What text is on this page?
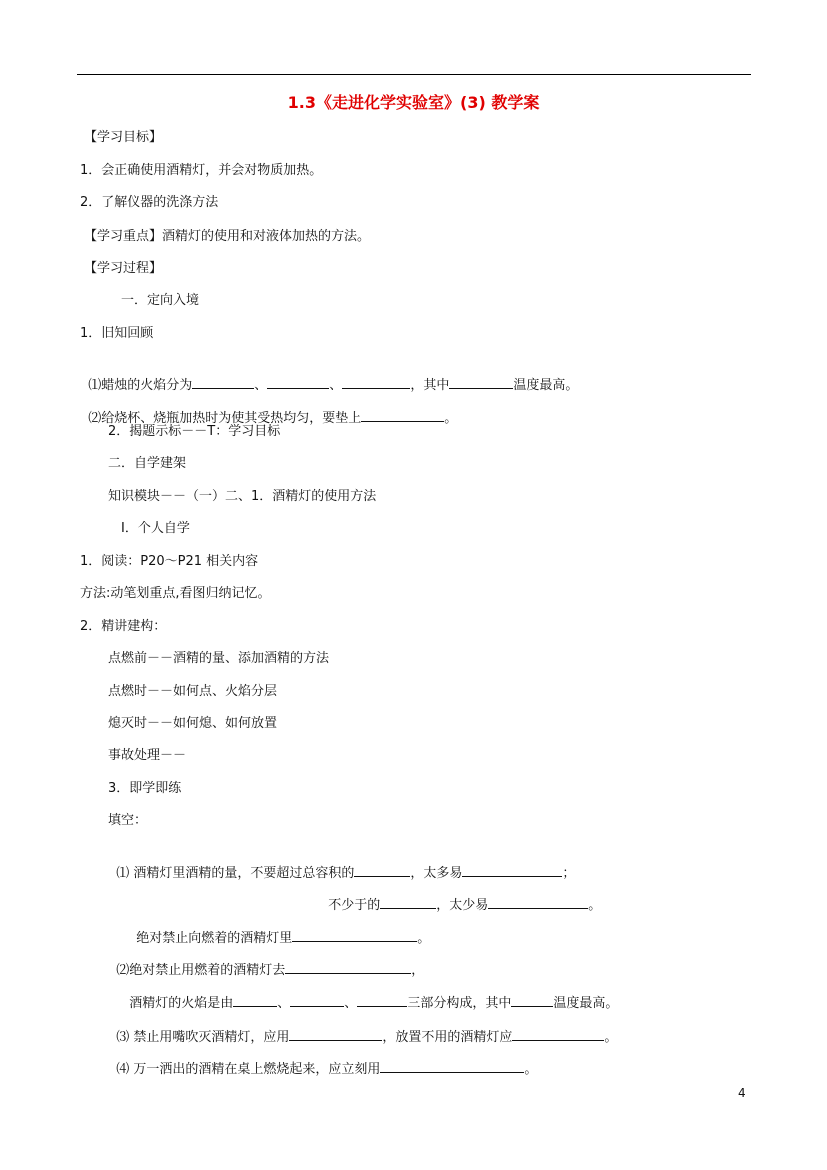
1.3《走进化学实验室》(3) 教学案
【学习目标】
1．会正确使用酒精灯，并会对物质加热。
2．了解仪器的洗涤方法
【学习重点】酒精灯的使用和对液体加热的方法。
【学习过程】
一．定向入境
1．旧知回顾

⑴蜡烛的火焰分为	、	、	，其中	温度最高。

⑵给烧杯、烧瓶加热时为使其受热均匀，要垫上	。

2．揭题示标－－T：学习目标
二．自学建架
知识模块－－（一）二、1．酒精灯的使用方法
Ⅰ．个人自学
1．阅读：P20～P21 相关内容
方法:动笔划重点,看图归纳记忆。
2．精讲建构：
点燃前－－酒精的量、添加酒精的方法
点燃时－－如何点、火焰分层
熄灭时－－如何熄、如何放置
事故处理－－
3．即学即练
填空：

⑴ 酒精灯里酒精的量，不要超过总容积的	，太多易	；

不少于的	，太少易	。

绝对禁止向燃着的酒精灯里	。

⑵绝对禁止用燃着的酒精灯去	，

酒精灯的火焰是由	、	、	三部分构成，其中	温度最高。

⑶ 禁止用嘴吹灭酒精灯，应用	，放置不用的酒精灯应	。

⑷ 万一洒出的酒精在桌上燃烧起来，应立刻用	。

4
